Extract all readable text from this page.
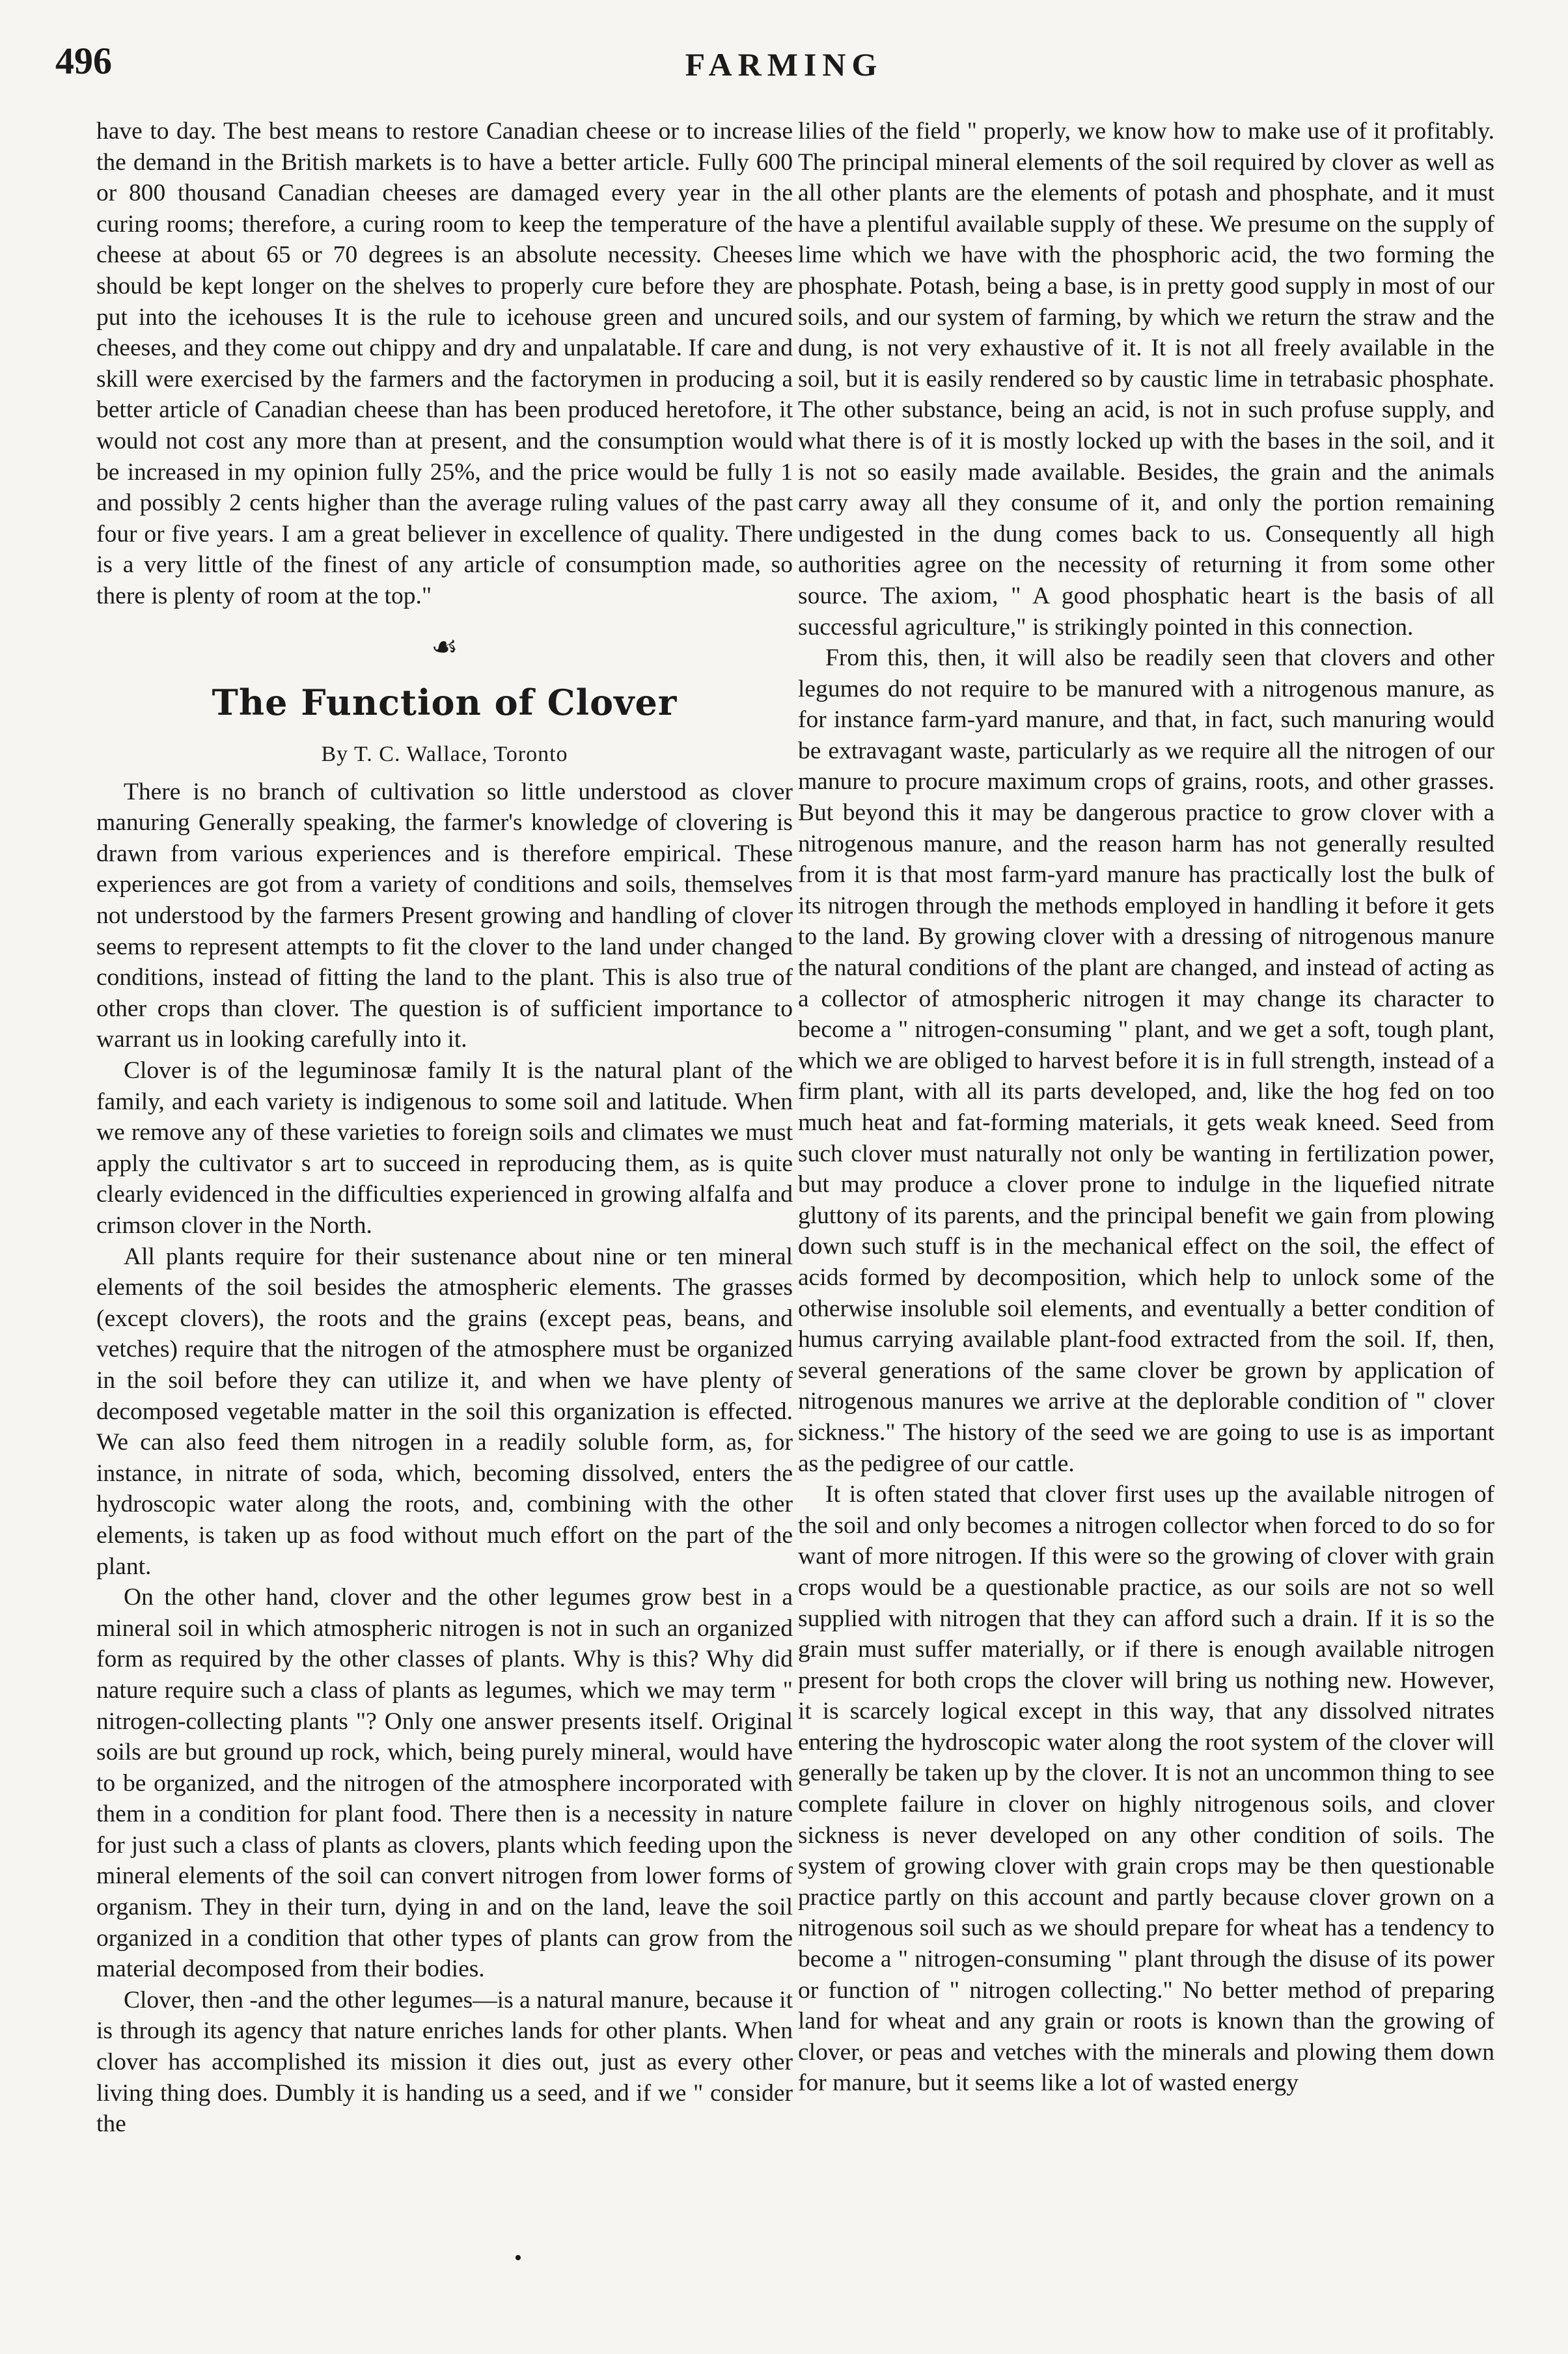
496	FARMING

have to day. The best means to restore Canadian cheese or to increase the demand in the British markets is to have a better article. Fully 600 or 800 thousand Canadian cheeses are damaged every year in the curing rooms; therefore, a curing room to keep the temperature of the cheese at about 65 or 70 degrees is an absolute necessity. Cheeses should be kept longer on the shelves to properly cure before they are put into the icehouses It is the rule to icehouse green and uncured cheeses, and they come out chippy and dry and unpalatable. If care and skill were exercised by the farmers and the factorymen in producing a better article of Canadian cheese than has been produced heretofore, it would not cost any more than at present, and the consumption would be increased in my opinion fully 25%, and the price would be fully 1 and possibly 2 cents higher than the average ruling values of the past four or five years. I am a great believer in excellence of quality. There is a very little of the finest of any article of consumption made, so there is plenty of room at the top."

☙
The Function of Clover
By T. C. Wallace, Toronto

There is no branch of cultivation so little understood as clover manuring Generally speaking, the farmer's knowledge of clovering is drawn from various experiences and is therefore empirical. These experiences are got from a variety of conditions and soils, themselves not understood by the farmers Present growing and handling of clover seems to represent attempts to fit the clover to the land under changed conditions, instead of fitting the land to the plant. This is also true of other crops than clover. The question is of sufficient importance to warrant us in looking carefully into it.

Clover is of the leguminosæ family It is the natural plant of the family, and each variety is indigenous to some soil and latitude. When we remove any of these varieties to foreign soils and climates we must apply the cultivator s art to succeed in reproducing them, as is quite clearly evidenced in the difficulties experienced in growing alfalfa and crimson clover in the North.

All plants require for their sustenance about nine or ten mineral elements of the soil besides the atmospheric elements. The grasses (except clovers), the roots and the grains (except peas, beans, and vetches) require that the nitrogen of the atmosphere must be organized in the soil before they can utilize it, and when we have plenty of decomposed vegetable matter in the soil this organization is effected. We can also feed them nitrogen in a readily soluble form, as, for instance, in nitrate of soda, which, becoming dissolved, enters the hydroscopic water along the roots, and, combining with the other elements, is taken up as food without much effort on the part of the plant.

On the other hand, clover and the other legumes grow best in a mineral soil in which atmospheric nitrogen is not in such an organized form as required by the other classes of plants. Why is this? Why did nature require such a class of plants as legumes, which we may term " nitrogen-collecting plants "? Only one answer presents itself. Original soils are but ground up rock, which, being purely mineral, would have to be organized, and the nitrogen of the atmosphere incorporated with them in a condition for plant food. There then is a necessity in nature for just such a class of plants as clovers, plants which feeding upon the mineral elements of the soil can convert nitrogen from lower forms of organism. They in their turn, dying in and on the land, leave the soil organized in a condition that other types of plants can grow from the material decomposed from their bodies.

Clover, then -and the other legumes—is a natural manure, because it is through its agency that nature enriches lands for other plants. When clover has accomplished its mission it dies out, just as every other living thing does. Dumbly it is handing us a seed, and if we " consider the

lilies of the field " properly, we know how to make use of it profitably. The principal mineral elements of the soil required by clover as well as all other plants are the elements of potash and phosphate, and it must have a plentiful available supply of these. We presume on the supply of lime which we have with the phosphoric acid, the two forming the phosphate. Potash, being a base, is in pretty good supply in most of our soils, and our system of farming, by which we return the straw and the dung, is not very exhaustive of it. It is not all freely available in the soil, but it is easily rendered so by caustic lime in tetrabasic phosphate. The other substance, being an acid, is not in such profuse supply, and what there is of it is mostly locked up with the bases in the soil, and it is not so easily made available. Besides, the grain and the animals carry away all they consume of it, and only the portion remaining undigested in the dung comes back to us. Consequently all high authorities agree on the necessity of returning it from some other source. The axiom, " A good phosphatic heart is the basis of all successful agriculture," is strikingly pointed in this connection.

From this, then, it will also be readily seen that clovers and other legumes do not require to be manured with a nitrogenous manure, as for instance farm-yard manure, and that, in fact, such manuring would be extravagant waste, particularly as we require all the nitrogen of our manure to procure maximum crops of grains, roots, and other grasses. But beyond this it may be dangerous practice to grow clover with a nitrogenous manure, and the reason harm has not generally resulted from it is that most farm-yard manure has practically lost the bulk of its nitrogen through the methods employed in handling it before it gets to the land. By growing clover with a dressing of nitrogenous manure the natural conditions of the plant are changed, and instead of acting as a collector of atmospheric nitrogen it may change its character to become a " nitrogen-consuming " plant, and we get a soft, tough plant, which we are obliged to harvest before it is in full strength, instead of a firm plant, with all its parts developed, and, like the hog fed on too much heat and fat-forming materials, it gets weak kneed. Seed from such clover must naturally not only be wanting in fertilization power, but may produce a clover prone to indulge in the liquefied nitrate gluttony of its parents, and the principal benefit we gain from plowing down such stuff is in the mechanical effect on the soil, the effect of acids formed by decomposition, which help to unlock some of the otherwise insoluble soil elements, and eventually a better condition of humus carrying available plant-food extracted from the soil. If, then, several generations of the same clover be grown by application of nitrogenous manures we arrive at the deplorable condition of " clover sickness." The history of the seed we are going to use is as important as the pedigree of our cattle.

It is often stated that clover first uses up the available nitrogen of the soil and only becomes a nitrogen collector when forced to do so for want of more nitrogen. If this were so the growing of clover with grain crops would be a questionable practice, as our soils are not so well supplied with nitrogen that they can afford such a drain. If it is so the grain must suffer materially, or if there is enough available nitrogen present for both crops the clover will bring us nothing new. However, it is scarcely logical except in this way, that any dissolved nitrates entering the hydroscopic water along the root system of the clover will generally be taken up by the clover. It is not an uncommon thing to see complete failure in clover on highly nitrogenous soils, and clover sickness is never developed on any other condition of soils. The system of growing clover with grain crops may be then questionable practice partly on this account and partly because clover grown on a nitrogenous soil such as we should prepare for wheat has a tendency to become a " nitrogen-consuming " plant through the disuse of its power or function of " nitrogen collecting." No better method of preparing land for wheat and any grain or roots is known than the growing of clover, or peas and vetches with the minerals and plowing them down for manure, but it seems like a lot of wasted energy

•
